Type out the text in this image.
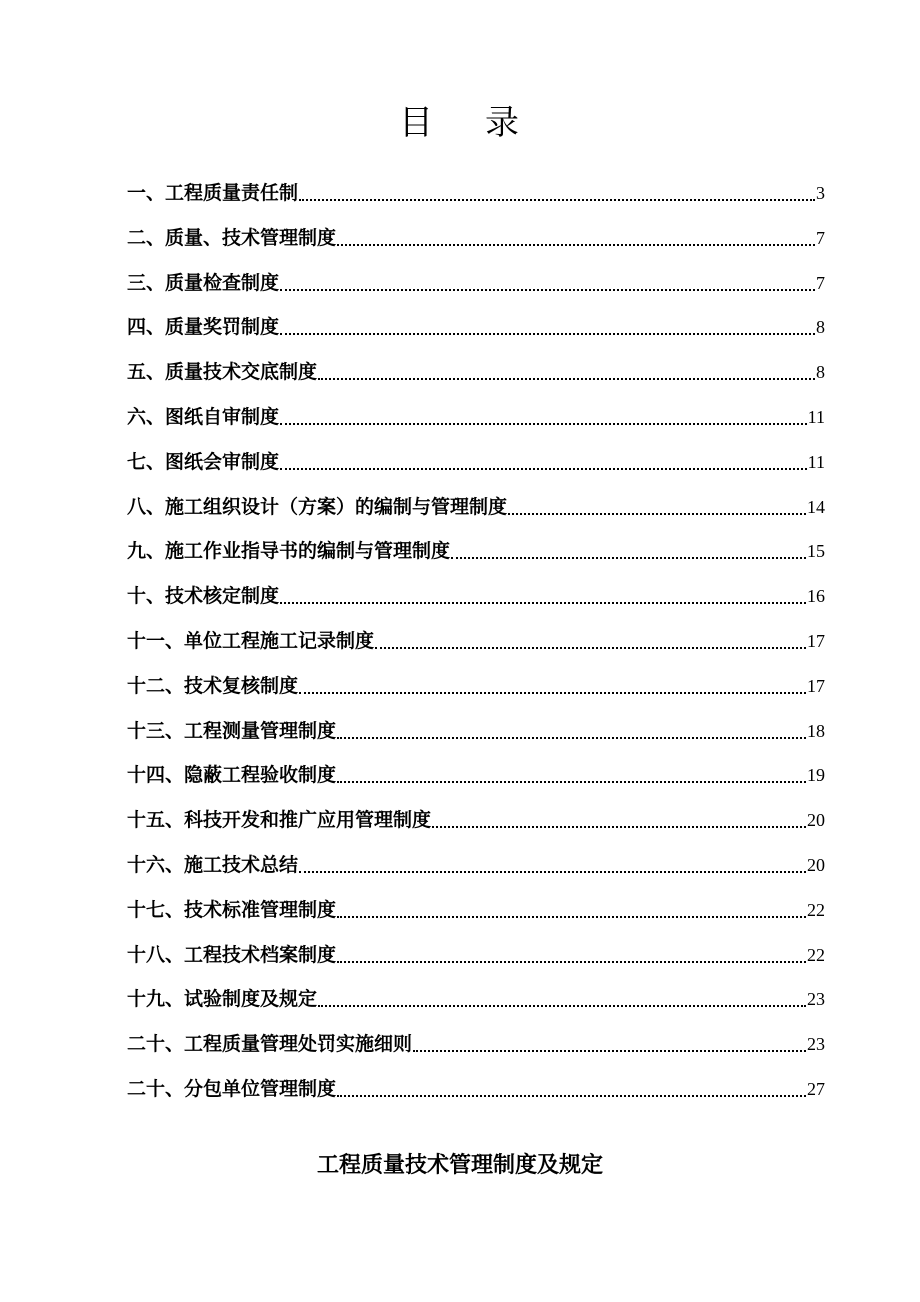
目 录
一、工程质量责任制	3
二、质量、技术管理制度	7
三、质量检查制度	7
四、质量奖罚制度	8
五、质量技术交底制度	8
六、图纸自审制度	11
七、图纸会审制度	11
八、施工组织设计（方案）的编制与管理制度	14
九、施工作业指导书的编制与管理制度	15
十、技术核定制度	16
十一、单位工程施工记录制度	17
十二、技术复核制度	17
十三、工程测量管理制度	18
十四、隐蔽工程验收制度	19
十五、科技开发和推广应用管理制度	20
十六、施工技术总结	20
十七、技术标准管理制度	22
十八、工程技术档案制度	22
十九、试验制度及规定	23
二十、工程质量管理处罚实施细则	23
二十、分包单位管理制度	27
工程质量技术管理制度及规定
